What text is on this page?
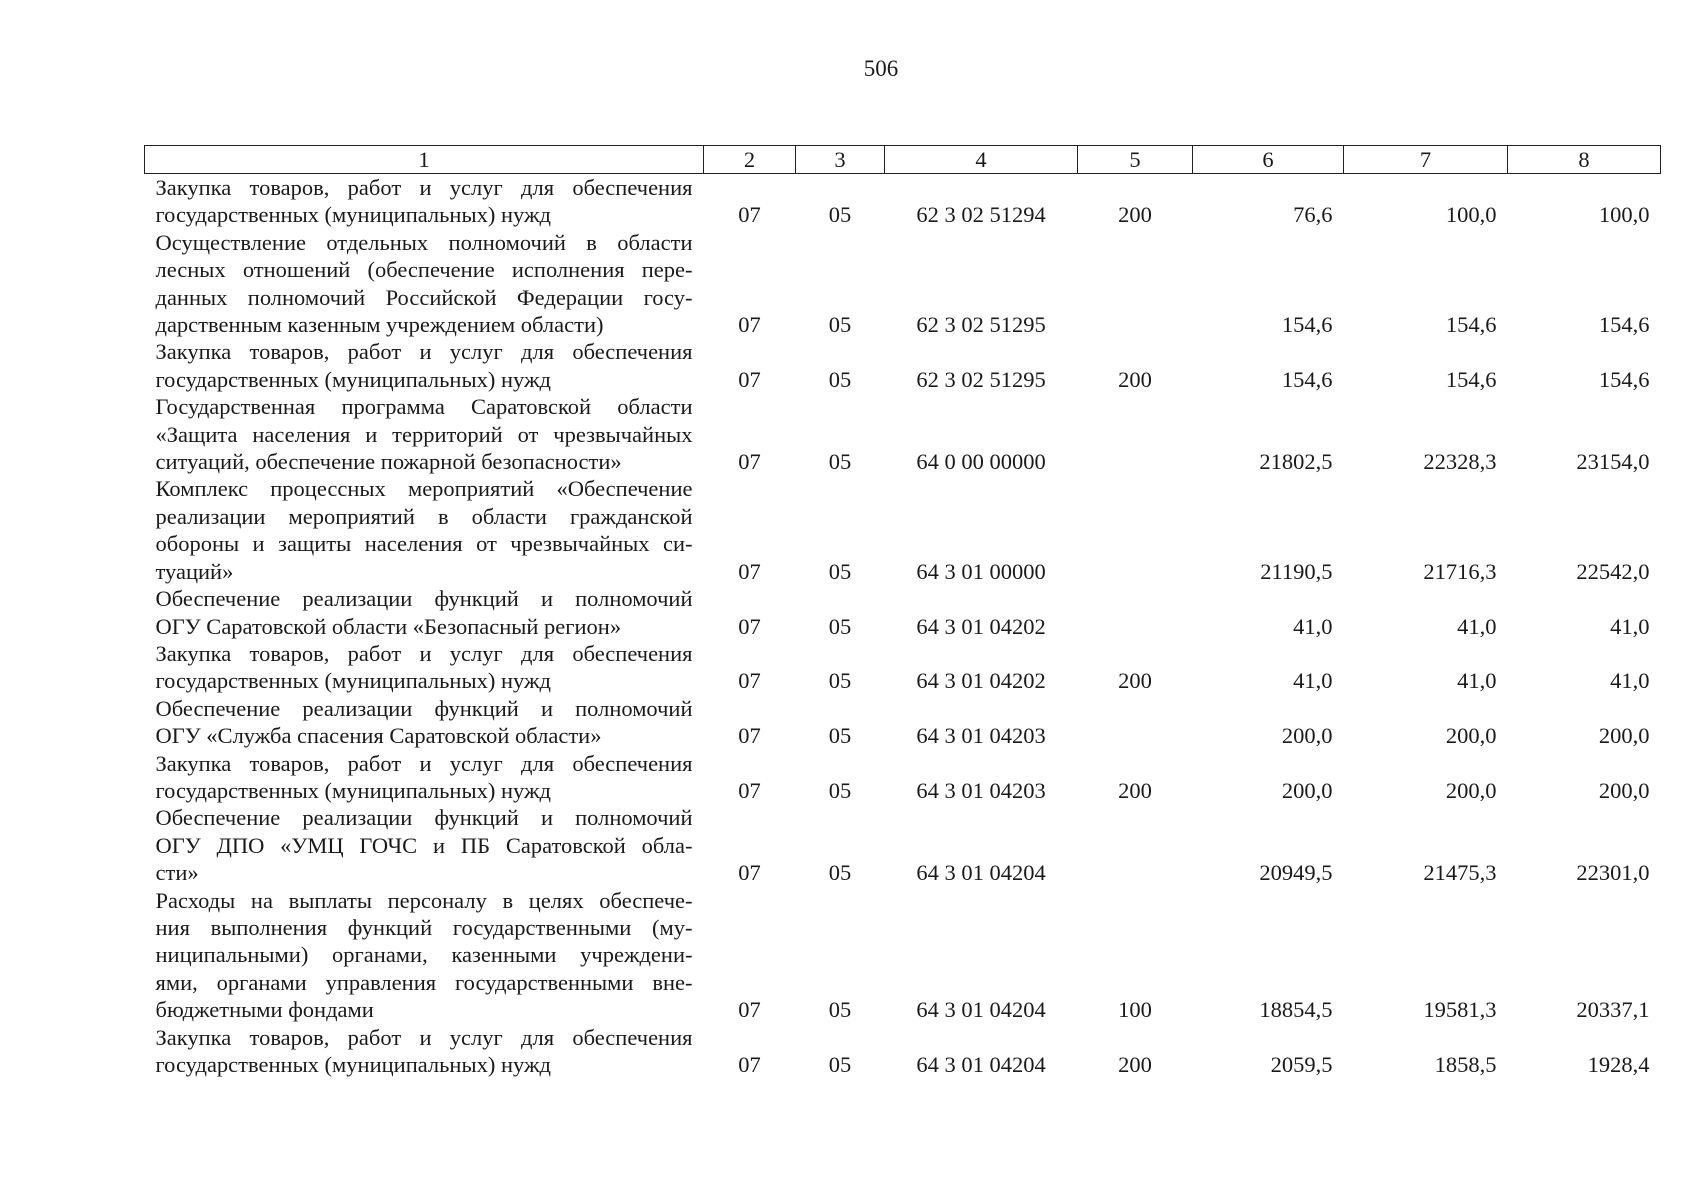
506
1	2	3	4	5	6	7	8

Закупка товаров, работ и услуг для обеспечения
государственных (муниципальных) нужд	07	05	62 3 02 51294	200	76,6	100,0	100,0

Осуществление отдельных полномочий в области
лесных отношений (обеспечение исполнения пере-
данных полномочий Российской Федерации госу-
дарственным казенным учреждением области)	07	05	62 3 02 51295		154,6	154,6	154,6

Закупка товаров, работ и услуг для обеспечения
государственных (муниципальных) нужд	07	05	62 3 02 51295	200	154,6	154,6	154,6

Государственная программа Саратовской области
«Защита населения и территорий от чрезвычайных
ситуаций, обеспечение пожарной безопасности»	07	05	64 0 00 00000		21802,5	22328,3	23154,0

Комплекс процессных мероприятий «Обеспечение
реализации мероприятий в области гражданской
обороны и защиты населения от чрезвычайных си-
туаций»	07	05	64 3 01 00000		21190,5	21716,3	22542,0

Обеспечение реализации функций и полномочий
ОГУ Саратовской области «Безопасный регион»	07	05	64 3 01 04202		41,0	41,0	41,0

Закупка товаров, работ и услуг для обеспечения
государственных (муниципальных) нужд	07	05	64 3 01 04202	200	41,0	41,0	41,0

Обеспечение реализации функций и полномочий
ОГУ «Служба спасения Саратовской области»	07	05	64 3 01 04203		200,0	200,0	200,0

Закупка товаров, работ и услуг для обеспечения
государственных (муниципальных) нужд	07	05	64 3 01 04203	200	200,0	200,0	200,0

Обеспечение реализации функций и полномочий
ОГУ ДПО «УМЦ ГОЧС и ПБ Саратовской обла-
сти»	07	05	64 3 01 04204		20949,5	21475,3	22301,0

Расходы на выплаты персоналу в целях обеспече-
ния выполнения функций государственными (му-
ниципальными) органами, казенными учреждени-
ями, органами управления государственными вне-
бюджетными фондами	07	05	64 3 01 04204	100	18854,5	19581,3	20337,1

Закупка товаров, работ и услуг для обеспечения
государственных (муниципальных) нужд	07	05	64 3 01 04204	200	2059,5	1858,5	1928,4
